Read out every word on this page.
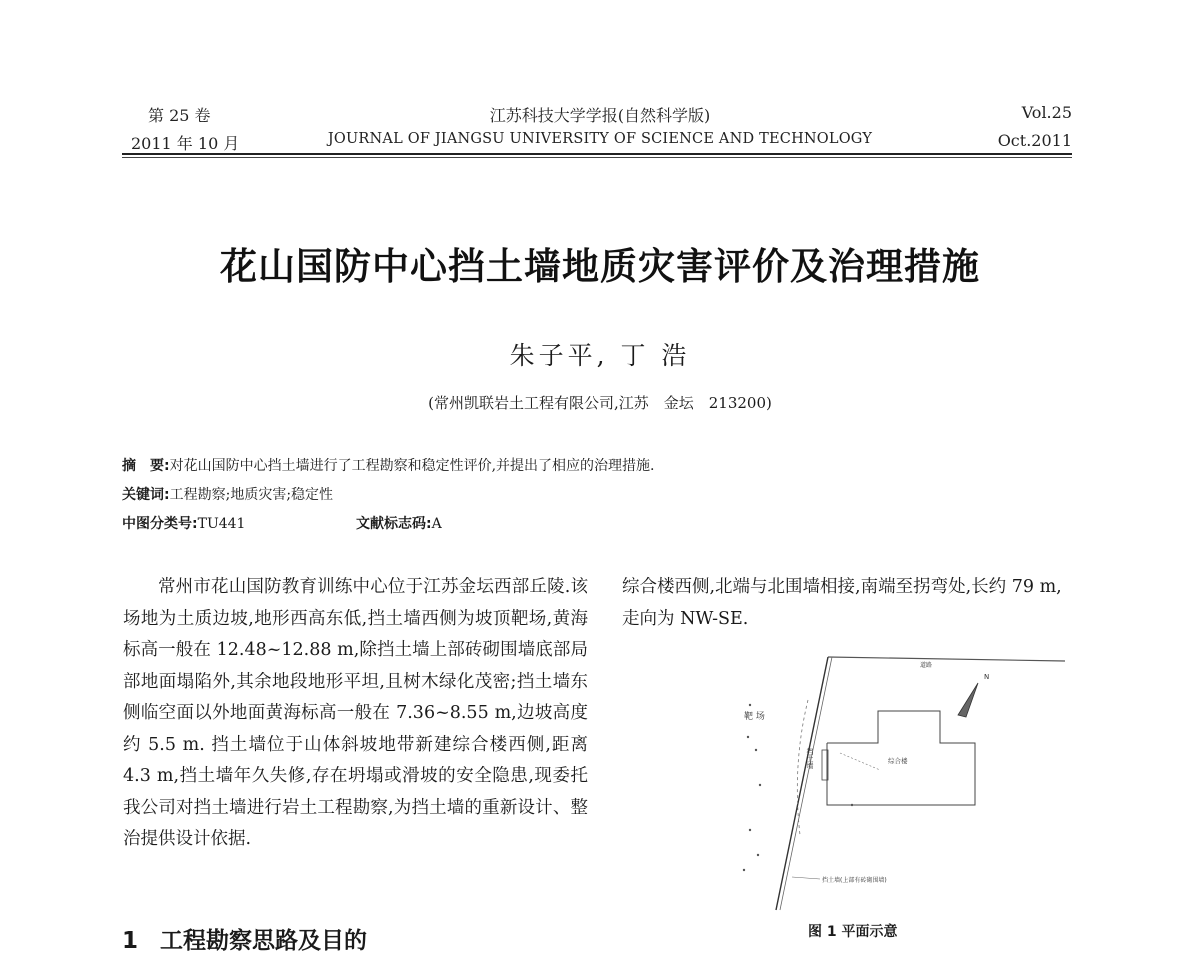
第 25 卷
2011 年 10 月
江苏科技大学学报(自然科学版)
JOURNAL OF JIANGSU UNIVERSITY OF SCIENCE AND TECHNOLOGY
Vol.25
Oct.2011
花山国防中心挡土墙地质灾害评价及治理措施
朱子平, 丁 浩
(常州凯联岩土工程有限公司,江苏　金坛　213200)
摘　要:对花山国防中心挡土墙进行了工程勘察和稳定性评价,并提出了相应的治理措施.
关键词:工程勘察;地质灾害;稳定性
中图分类号:TU441	文献标志码:A
常州市花山国防教育训练中心位于江苏金坛西部丘陵.该场地为土质边坡,地形西高东低,挡土墙西侧为坡顶靶场,黄海标高一般在 12.48~12.88 m,除挡土墙上部砖砌围墙底部局部地面塌陷外,其余地段地形平坦,且树木绿化茂密;挡土墙东侧临空面以外地面黄海标高一般在 7.36~8.55 m,边坡高度约 5.5 m. 挡土墙位于山体斜坡地带新建综合楼西侧,距离 4.3 m,挡土墙年久失修,存在坍塌或滑坡的安全隐患,现委托我公司对挡土墙进行岩土工程勘察,为挡土墙的重新设计、整治提供设计依据.
综合楼西侧,北端与北围墙相接,南端至拐弯处,长约 79 m,走向为 NW-SE.
道路
挡土墙	综合楼
靶 场
挡土墙(上部有砖砌围墙)
N
图 1 平面示意
1 工程勘察思路及目的
